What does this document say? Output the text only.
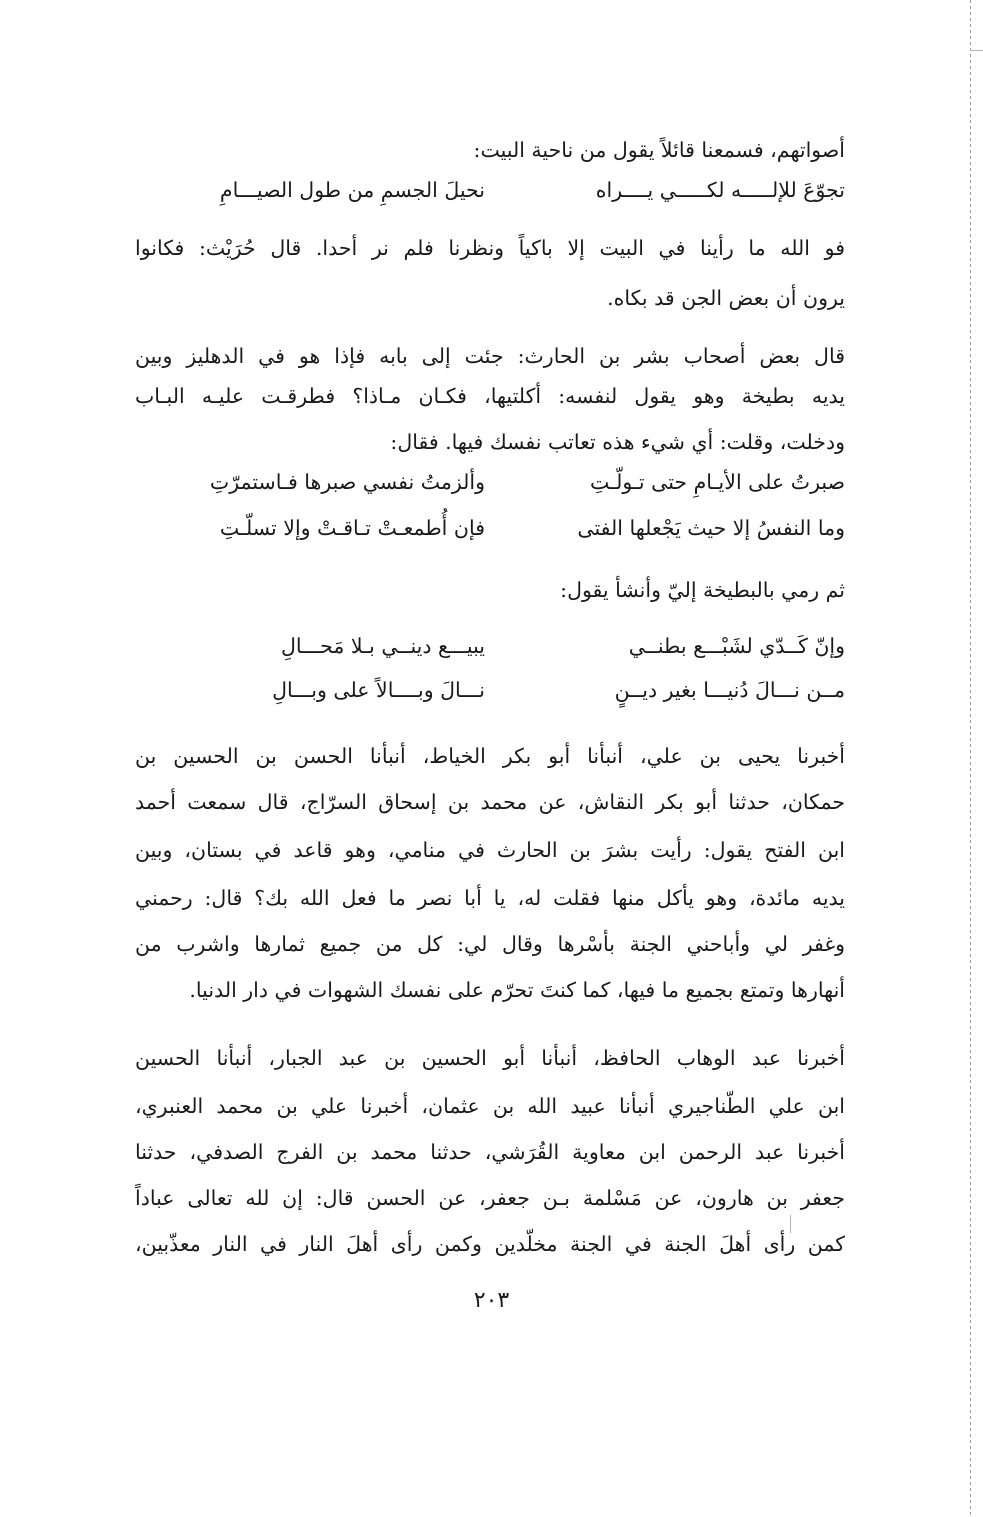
أصواتهم، فسمعنا قائلاً يقول من ناحية البيت:
تجوّعَ للإلـــــه لكـــــي يــــراه
نحيلَ الجسمِ من طول الصيـــامِ
فو الله ما رأينا في البيت إلا باكياً ونظرنا فلم نر أحدا. قال حُرَيْث: فكانوا
يرون أن بعض الجن قد بكاه.
قال بعض أصحاب بشر بن الحارث: جئت إلى بابه فإذا هو في الدهليز وبين
يديه بطيخة وهو يقول لنفسه: أكلتيها، فكـان مـاذا؟ فطرقـت عليـه البـاب
ودخلت، وقلت: أي شيء هذه تعاتب نفسك فيها. فقال:
صبرتُ على الأيـامِ حتى تـولّـتِ
وألزمتُ نفسي صبرها فـاستمرّتِ
وما النفسُ إلا حيث يَجْعلها الفتى
فإن أُطمعـتْ تـاقـتْ وإلا تسلّـتِ
ثم رمي بالبطيخة إليّ وأنشأ يقول:
وإنّ كَــدّي لشَبْـــع بطنــي
يبيـــع دينــي بـلا مَحـــالِ
مــن نـــالَ دُنيـــا بغير ديــنٍ
نـــالَ وبــــالاً على وبـــالِ
أخبرنا يحيى بن علي، أنبأنا أبو بكر الخياط، أنبأنا الحسن بن الحسين بن
حمكان، حدثنا أبو بكر النقاش، عن محمد بن إسحاق السرّاج، قال سمعت أحمد
ابن الفتح يقول: رأيت بشرَ بن الحارث في منامي، وهو قاعد في بستان، وبين
يديه مائدة، وهو يأكل منها فقلت له، يا أبا نصر ما فعل الله بك؟ قال: رحمني
وغفر لي وأباحني الجنة بأسْرها وقال لي: كل من جميع ثمارها واشرب من
أنهارها وتمتع بجميع ما فيها، كما كنتَ تحرّم على نفسك الشهوات في دار الدنيا.
أخبرنا عبد الوهاب الحافظ، أنبأنا أبو الحسين بن عبد الجبار، أنبأنا الحسين
ابن علي الطّناجيري أنبأنا عبيد الله بن عثمان، أخبرنا علي بن محمد العنبري،
أخبرنا عبد الرحمن ابن معاوية القُرَشي، حدثنا محمد بن الفرج الصدفي، حدثنا
جعفر بن هارون، عن مَسْلمة بـن جعفر، عن الحسن قال: إن لله تعالى عباداً
كمن رأى أهلَ الجنة في الجنة مخلّدين وكمن رأى أهلَ النار في النار معذّبين،
٢٠٣
